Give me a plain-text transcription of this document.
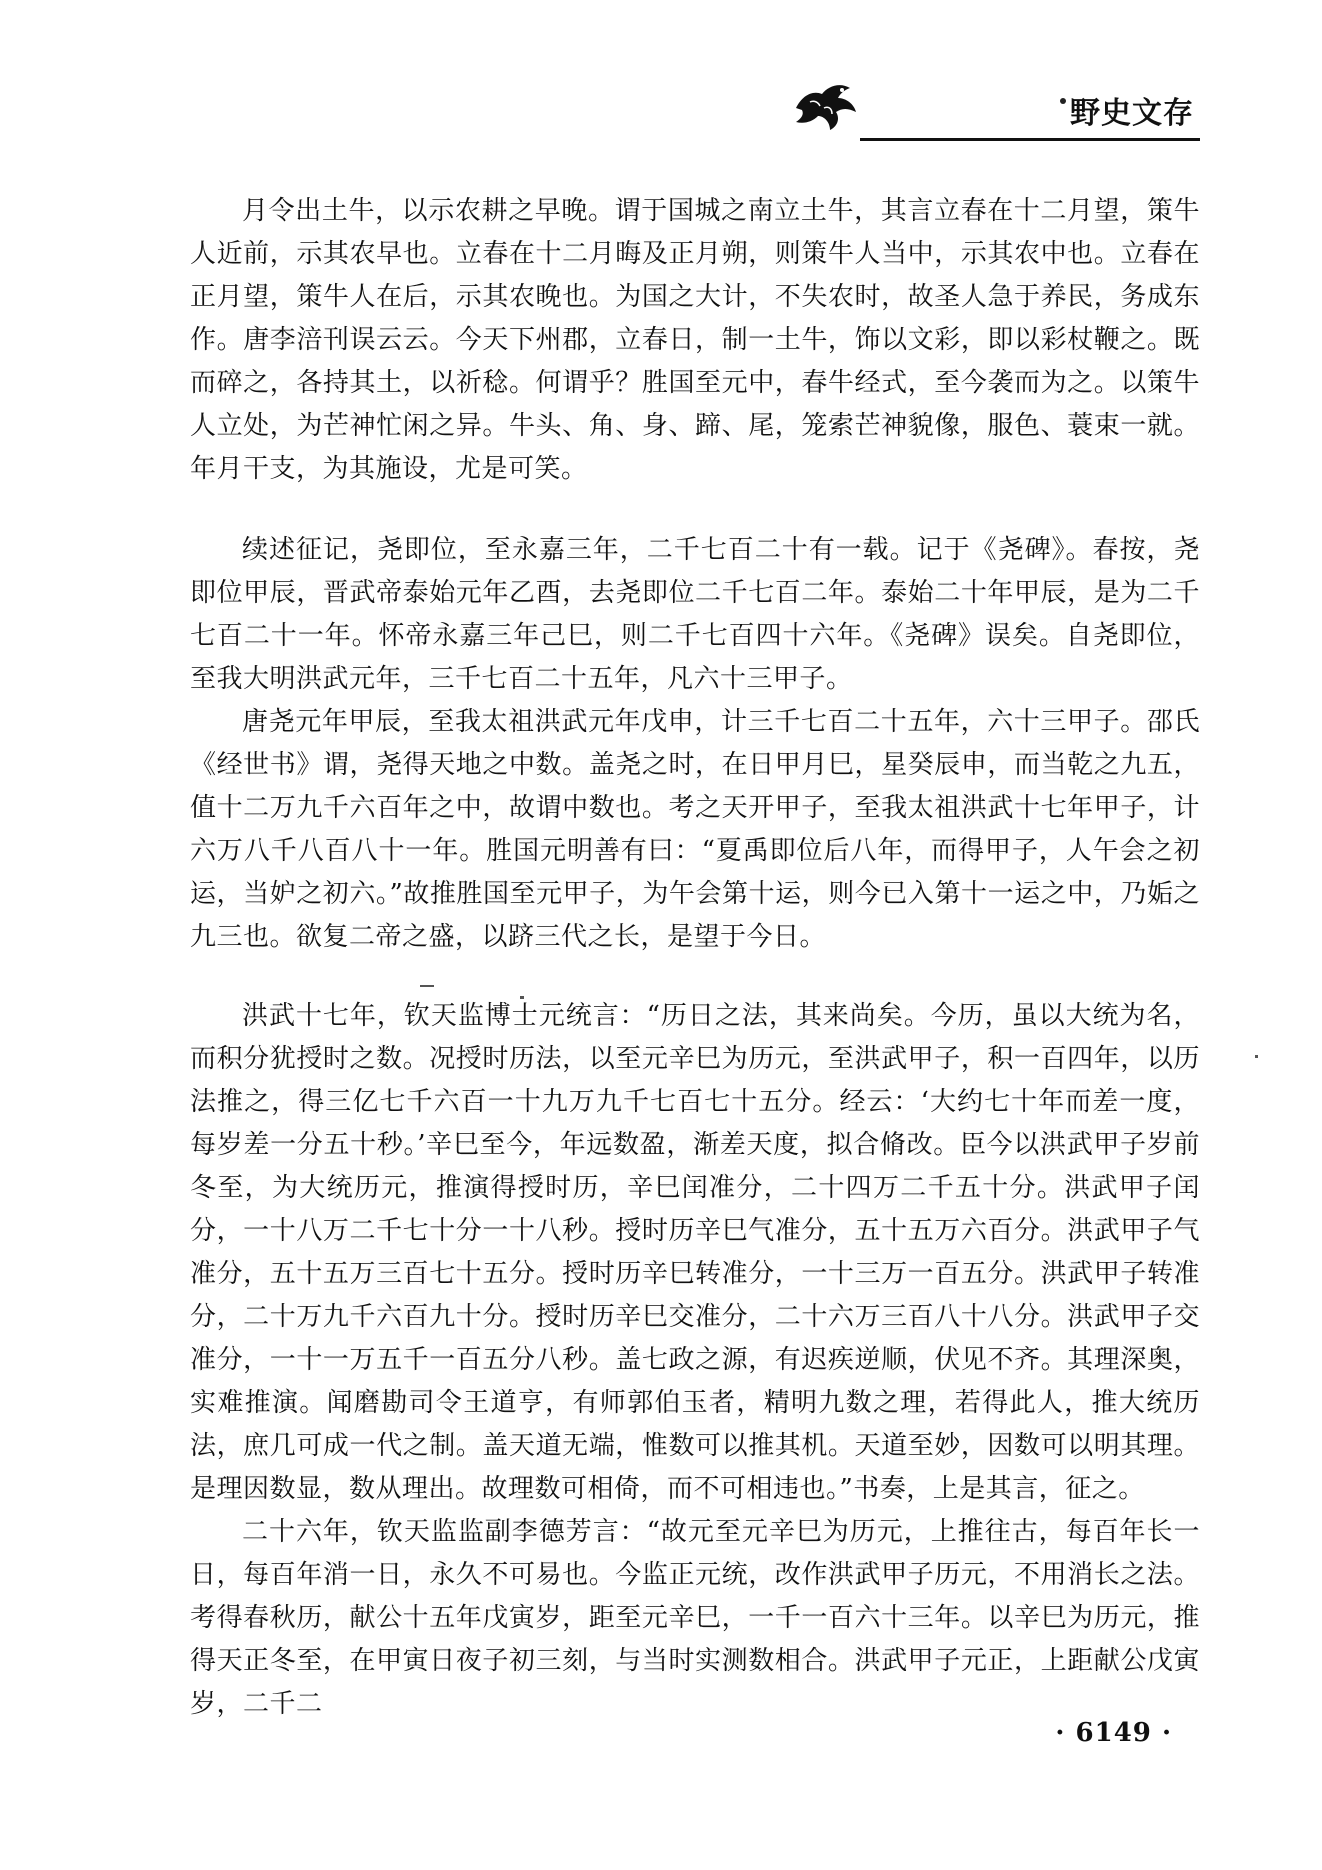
野史文存

月令出土牛，以示农耕之早晚。谓于国城之南立土牛，其言立春在十二月望，策牛人近前，示其农早也。立春在十二月晦及正月朔，则策牛人当中，示其农中也。立春在正月望，策牛人在后，示其农晚也。为国之大计，不失农时，故圣人急于养民，务成东作。唐李涪刊误云云。今天下州郡，立春日，制一土牛，饰以文彩，即以彩杖鞭之。既而碎之，各持其土，以祈稔。何谓乎？胜国至元中，春牛经式，至今袭而为之。以策牛人立处，为芒神忙闲之异。牛头、角、身、蹄、尾，笼索芒神貌像，服色、蓑束一就。年月干支，为其施设，尤是可笑。

续述征记，尧即位，至永嘉三年，二千七百二十有一载。记于《尧碑》。春按，尧即位甲辰，晋武帝泰始元年乙酉，去尧即位二千七百二年。泰始二十年甲辰，是为二千七百二十一年。怀帝永嘉三年己巳，则二千七百四十六年。《尧碑》误矣。自尧即位，至我大明洪武元年，三千七百二十五年，凡六十三甲子。

唐尧元年甲辰，至我太祖洪武元年戊申，计三千七百二十五年，六十三甲子。邵氏《经世书》谓，尧得天地之中数。盖尧之时，在日甲月巳，星癸辰申，而当乾之九五，值十二万九千六百年之中，故谓中数也。考之天开甲子，至我太祖洪武十七年甲子，计六万八千八百八十一年。胜国元明善有曰：“夏禹即位后八年，而得甲子，人午会之初运，当妒之初六。”故推胜国至元甲子，为午会第十运，则今已入第十一运之中，乃姤之九三也。欲复二帝之盛，以跻三代之长，是望于今日。

洪武十七年，钦天监博士元统言：“历日之法，其来尚矣。今历，虽以大统为名，而积分犹授时之数。况授时历法，以至元辛巳为历元，至洪武甲子，积一百四年，以历法推之，得三亿七千六百一十九万九千七百七十五分。经云：‘大约七十年而差一度，每岁差一分五十秒。’辛巳至今，年远数盈，渐差天度，拟合脩改。臣今以洪武甲子岁前冬至，为大统历元，推演得授时历，辛巳闰准分，二十四万二千五十分。洪武甲子闰分，一十八万二千七十分一十八秒。授时历辛巳气准分，五十五万六百分。洪武甲子气准分，五十五万三百七十五分。授时历辛巳转准分，一十三万一百五分。洪武甲子转准分，二十万九千六百九十分。授时历辛巳交准分，二十六万三百八十八分。洪武甲子交准分，一十一万五千一百五分八秒。盖七政之源，有迟疾逆顺，伏见不齐。其理深奥，实难推演。闻磨勘司令王道亨，有师郭伯玉者，精明九数之理，若得此人，推大统历法，庶几可成一代之制。盖天道无端，惟数可以推其机。天道至妙，因数可以明其理。是理因数显，数从理出。故理数可相倚，而不可相违也。”书奏，上是其言，征之。

二十六年，钦天监监副李德芳言：“故元至元辛巳为历元，上推往古，每百年长一日，每百年消一日，永久不可易也。今监正元统，改作洪武甲子历元，不用消长之法。考得春秋历，献公十五年戊寅岁，距至元辛巳，一千一百六十三年。以辛巳为历元，推得天正冬至，在甲寅日夜子初三刻，与当时实测数相合。洪武甲子元正，上距献公戊寅岁，二千二

· 6149 ·
